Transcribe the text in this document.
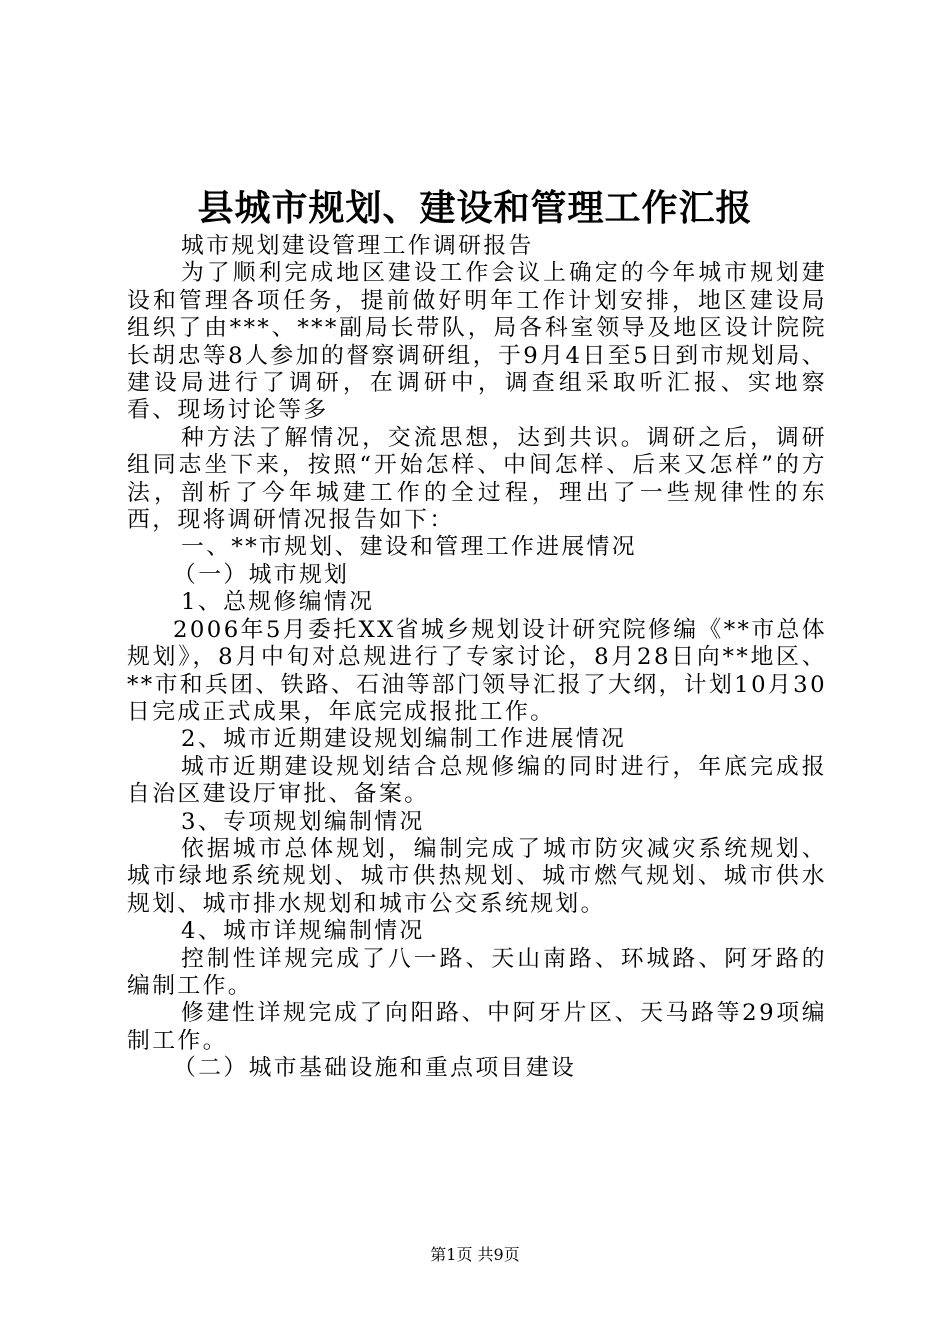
县城市规划、建设和管理工作汇报

城市规划建设管理工作调研报告

为了顺利完成地区建设工作会议上确定的今年城市规划建设和管理各项任务，提前做好明年工作计划安排，地区建设局组织了由***、***副局长带队，局各科室领导及地区设计院院长胡忠等8人参加的督察调研组，于9月4日至5日到市规划局、建设局进行了调研，在调研中，调查组采取听汇报、实地察看、现场讨论等多

种方法了解情况，交流思想，达到共识。调研之后，调研组同志坐下来，按照“开始怎样、中间怎样、后来又怎样”的方法，剖析了今年城建工作的全过程，理出了一些规律性的东西，现将调研情况报告如下：

一、**市规划、建设和管理工作进展情况

（一）城市规划

1、总规修编情况

2006年5月委托XX省城乡规划设计研究院修编《**市总体规划》，8月中旬对总规进行了专家讨论，8月28日向**地区、**市和兵团、铁路、石油等部门领导汇报了大纲，计划10月30日完成正式成果，年底完成报批工作。

2、城市近期建设规划编制工作进展情况

城市近期建设规划结合总规修编的同时进行，年底完成报自治区建设厅审批、备案。

3、专项规划编制情况

依据城市总体规划，编制完成了城市防灾减灾系统规划、城市绿地系统规划、城市供热规划、城市燃气规划、城市供水规划、城市排水规划和城市公交系统规划。

4、城市详规编制情况

控制性详规完成了八一路、天山南路、环城路、阿牙路的编制工作。

修建性详规完成了向阳路、中阿牙片区、天马路等29项编制工作。

（二）城市基础设施和重点项目建设

第1页 共9页
